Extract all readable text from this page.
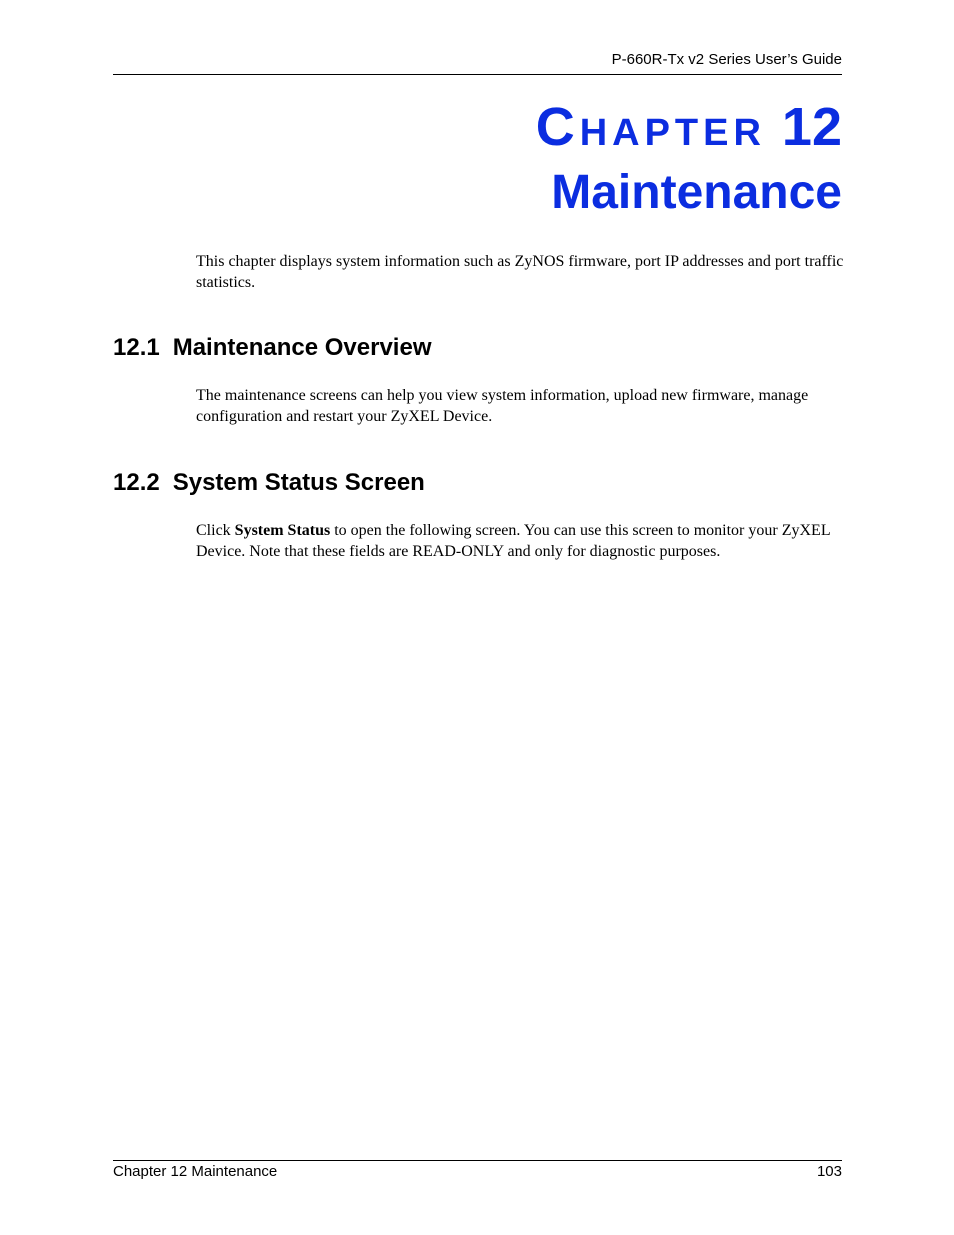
P-660R-Tx v2 Series User’s Guide
CHAPTER 12
Maintenance

This chapter displays system information such as ZyNOS firmware, port IP addresses and port traffic statistics.

12.1 Maintenance Overview

The maintenance screens can help you view system information, upload new firmware, manage configuration and restart your ZyXEL Device.

12.2 System Status Screen

Click System Status to open the following screen. You can use this screen to monitor your ZyXEL Device. Note that these fields are READ-ONLY and only for diagnostic purposes.

Chapter 12 Maintenance	103
